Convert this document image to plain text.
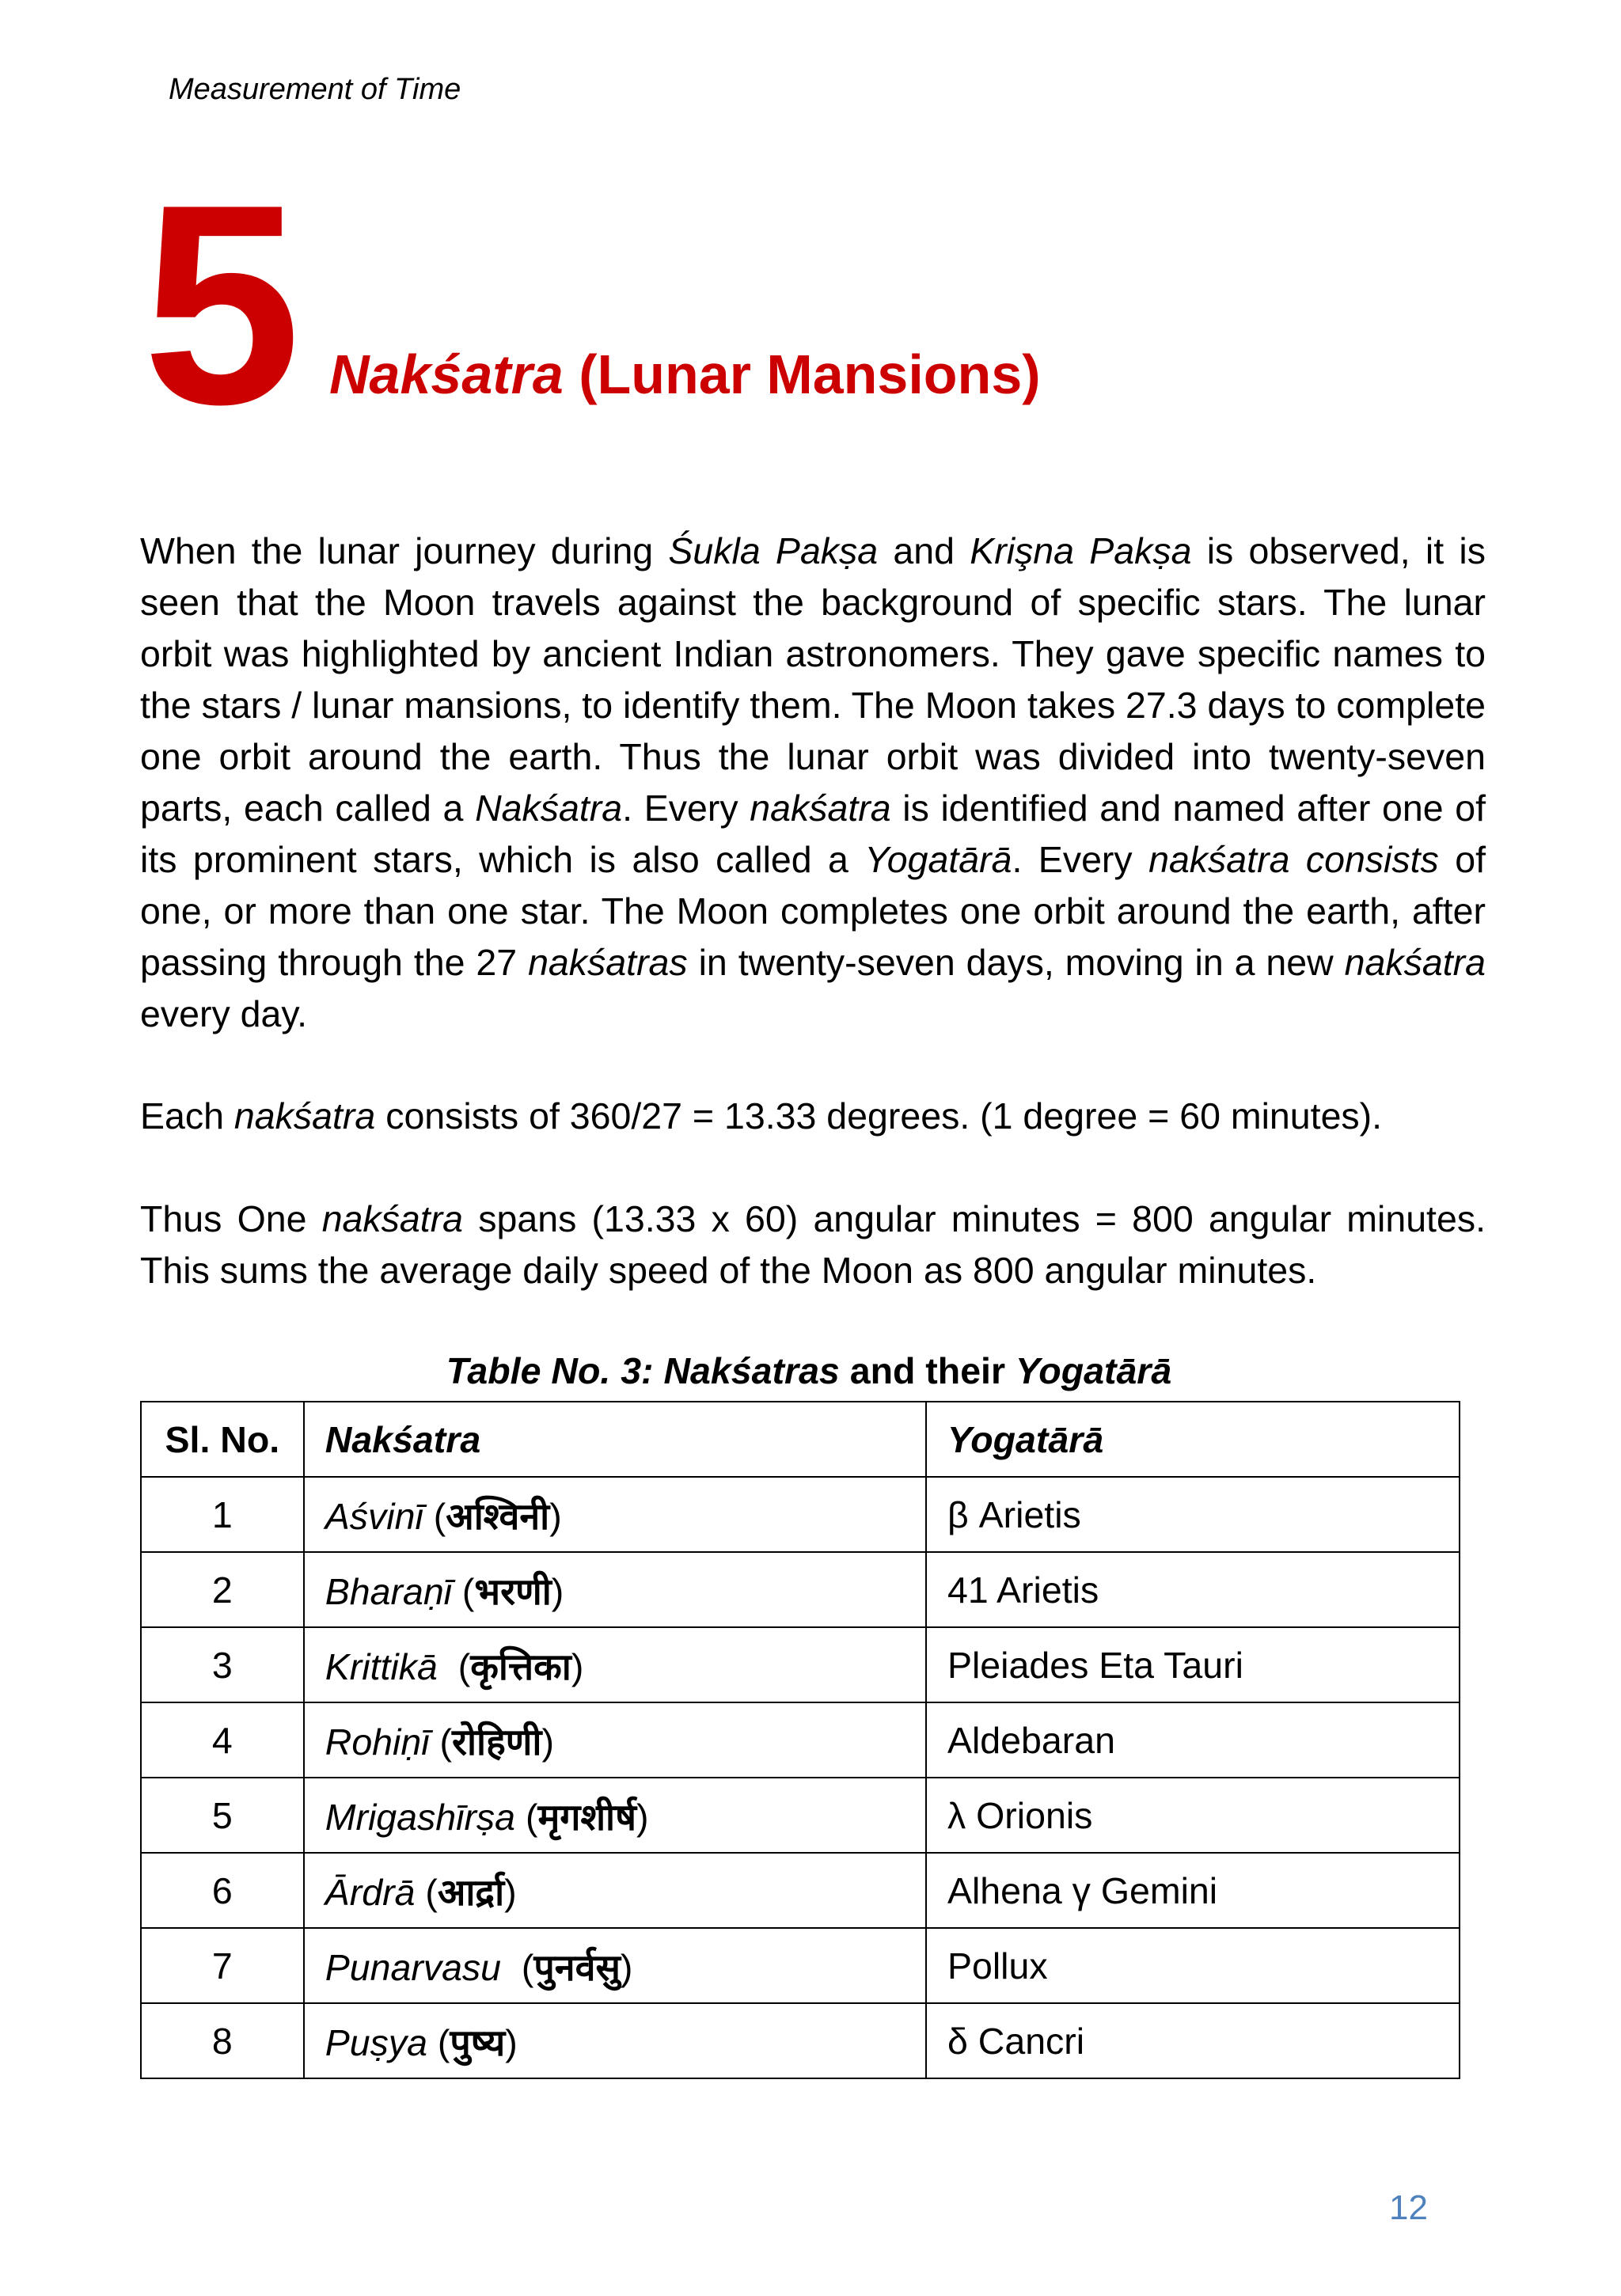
Measurement of Time
5 Nakśatra (Lunar Mansions)

When the lunar journey during Śukla Pakṣa and Krişna Pakṣa is observed, it is seen that the Moon travels against the background of specific stars. The lunar orbit was highlighted by ancient Indian astronomers. They gave specific names to the stars / lunar mansions, to identify them. The Moon takes 27.3 days to complete one orbit around the earth. Thus the lunar orbit was divided into twenty-seven parts, each called a Nakśatra. Every nakśatra is identified and named after one of its prominent stars, which is also called a Yogatārā. Every nakśatra consists of one, or more than one star. The Moon completes one orbit around the earth, after passing through the 27 nakśatras in twenty-seven days, moving in a new nakśatra every day.

Each nakśatra consists of 360/27 = 13.33 degrees. (1 degree = 60 minutes).

Thus One nakśatra spans (13.33 x 60) angular minutes = 800 angular minutes. This sums the average daily speed of the Moon as 800 angular minutes.

Table No. 3: Nakśatras and their Yogatārā
Sl. No.	Nakśatra	Yogatārā
1	Aśvinī (अश्विनी)	β Arietis
2	Bharaṇī (भरणी)	41 Arietis
3	Krittikā  (कृत्तिका)	Pleiades Eta Tauri
4	Rohiṇī (रोहिणी)	Aldebaran
5	Mrigashīrṣa (मृगशीर्ष)	λ Orionis
6	Ārdrā (आर्द्रा)	Alhena γ Gemini
7	Punarvasu  (पुनर्वसु)	Pollux
8	Puṣya (पुष्य)	δ Cancri
12
